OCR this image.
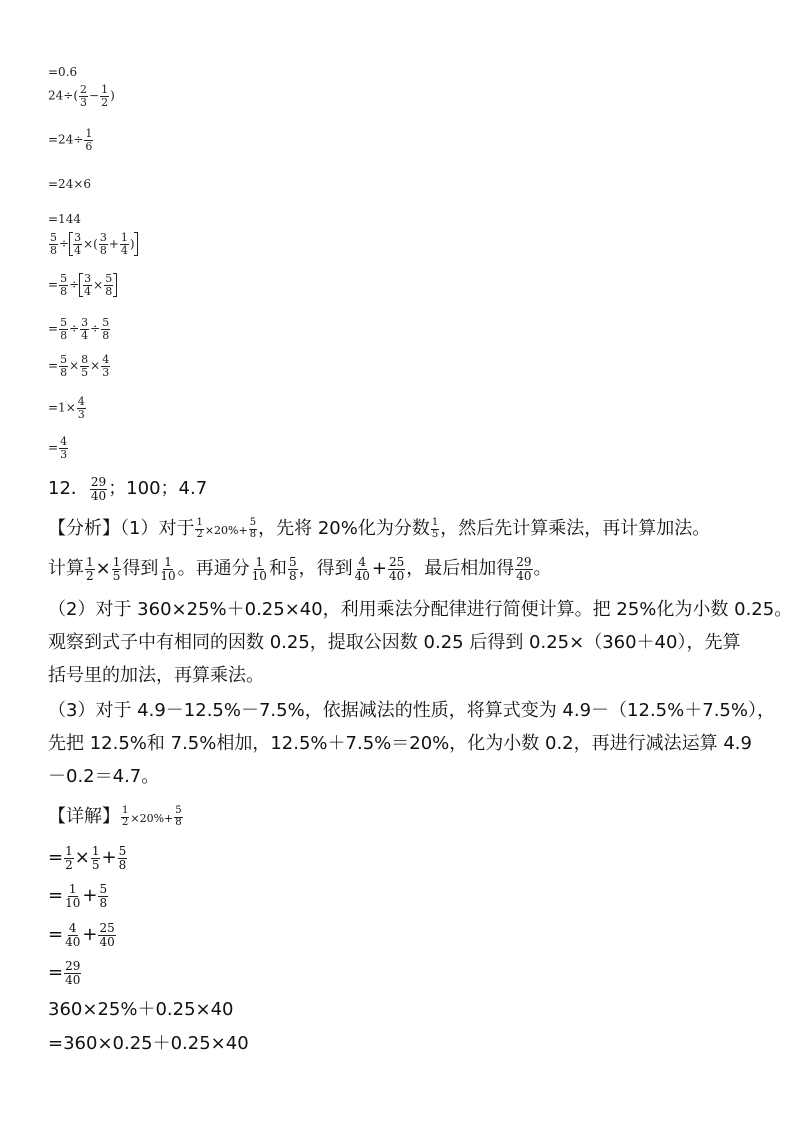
=0.6
$24\div( \frac{2}{3} - \frac{1}{2}$ )
$=24\div \frac{1}{6}$
=24×6
=144
$\frac{5}{8} \div \frac{3}{4}$ ×( $\frac{3}{8} + \frac{1}{4}$ )
= $\frac{5}{8} \div \frac{3}{4} \times \frac{5}{8}$
= $\frac{5}{8} \div \frac{3}{4} \div \frac{5}{8}$
= $\frac{5}{8} \times \frac{8}{5} \times \frac{4}{3}$
$=1\times \frac{4}{3}$
= $\frac{4}{3}$
12． $\frac{29}{40}$ ；100；4.7
【分析】（1）对于 $\frac{1}{2} \times 20\%+ \frac{5}{8}$ ，先将 20%化为分数 $\frac{1}{5}$ ，然后先计算乘法，再计算加法。
计算 $\frac{1}{2} \times \frac{1}{5}$ 得到 $\frac{1}{10}$ 。再通分 $\frac{1}{10}$ 和 $\frac{5}{8}$ ，得到 $\frac{4}{40} + \frac{25}{40}$ ，最后相加得 $\frac{29}{40}$ 。
（2）对于 360×25%＋0.25×40，利用乘法分配律进行简便计算。把 25%化为小数 0.25。
观察到式子中有相同的因数 0.25，提取公因数 0.25 后得到 0.25×（360＋40），先算
括号里的加法，再算乘法。
（3）对于 4.9－12.5%－7.5%，依据减法的性质，将算式变为 4.9－（12.5%＋7.5%），
先把 12.5%和 7.5%相加，12.5%＋7.5%＝20%，化为小数 0.2，再进行减法运算 4.9
－0.2＝4.7。
【详解】 $\frac{1}{2} \times 20\%+ \frac{5}{8}$
= $\frac{1}{2} \times \frac{1}{5} + \frac{5}{8}$
= $\frac{1}{10} + \frac{5}{8}$
= $\frac{4}{40} + \frac{25}{40}$
= $\frac{29}{40}$
360×25%＋0.25×40
=360×0.25＋0.25×40
